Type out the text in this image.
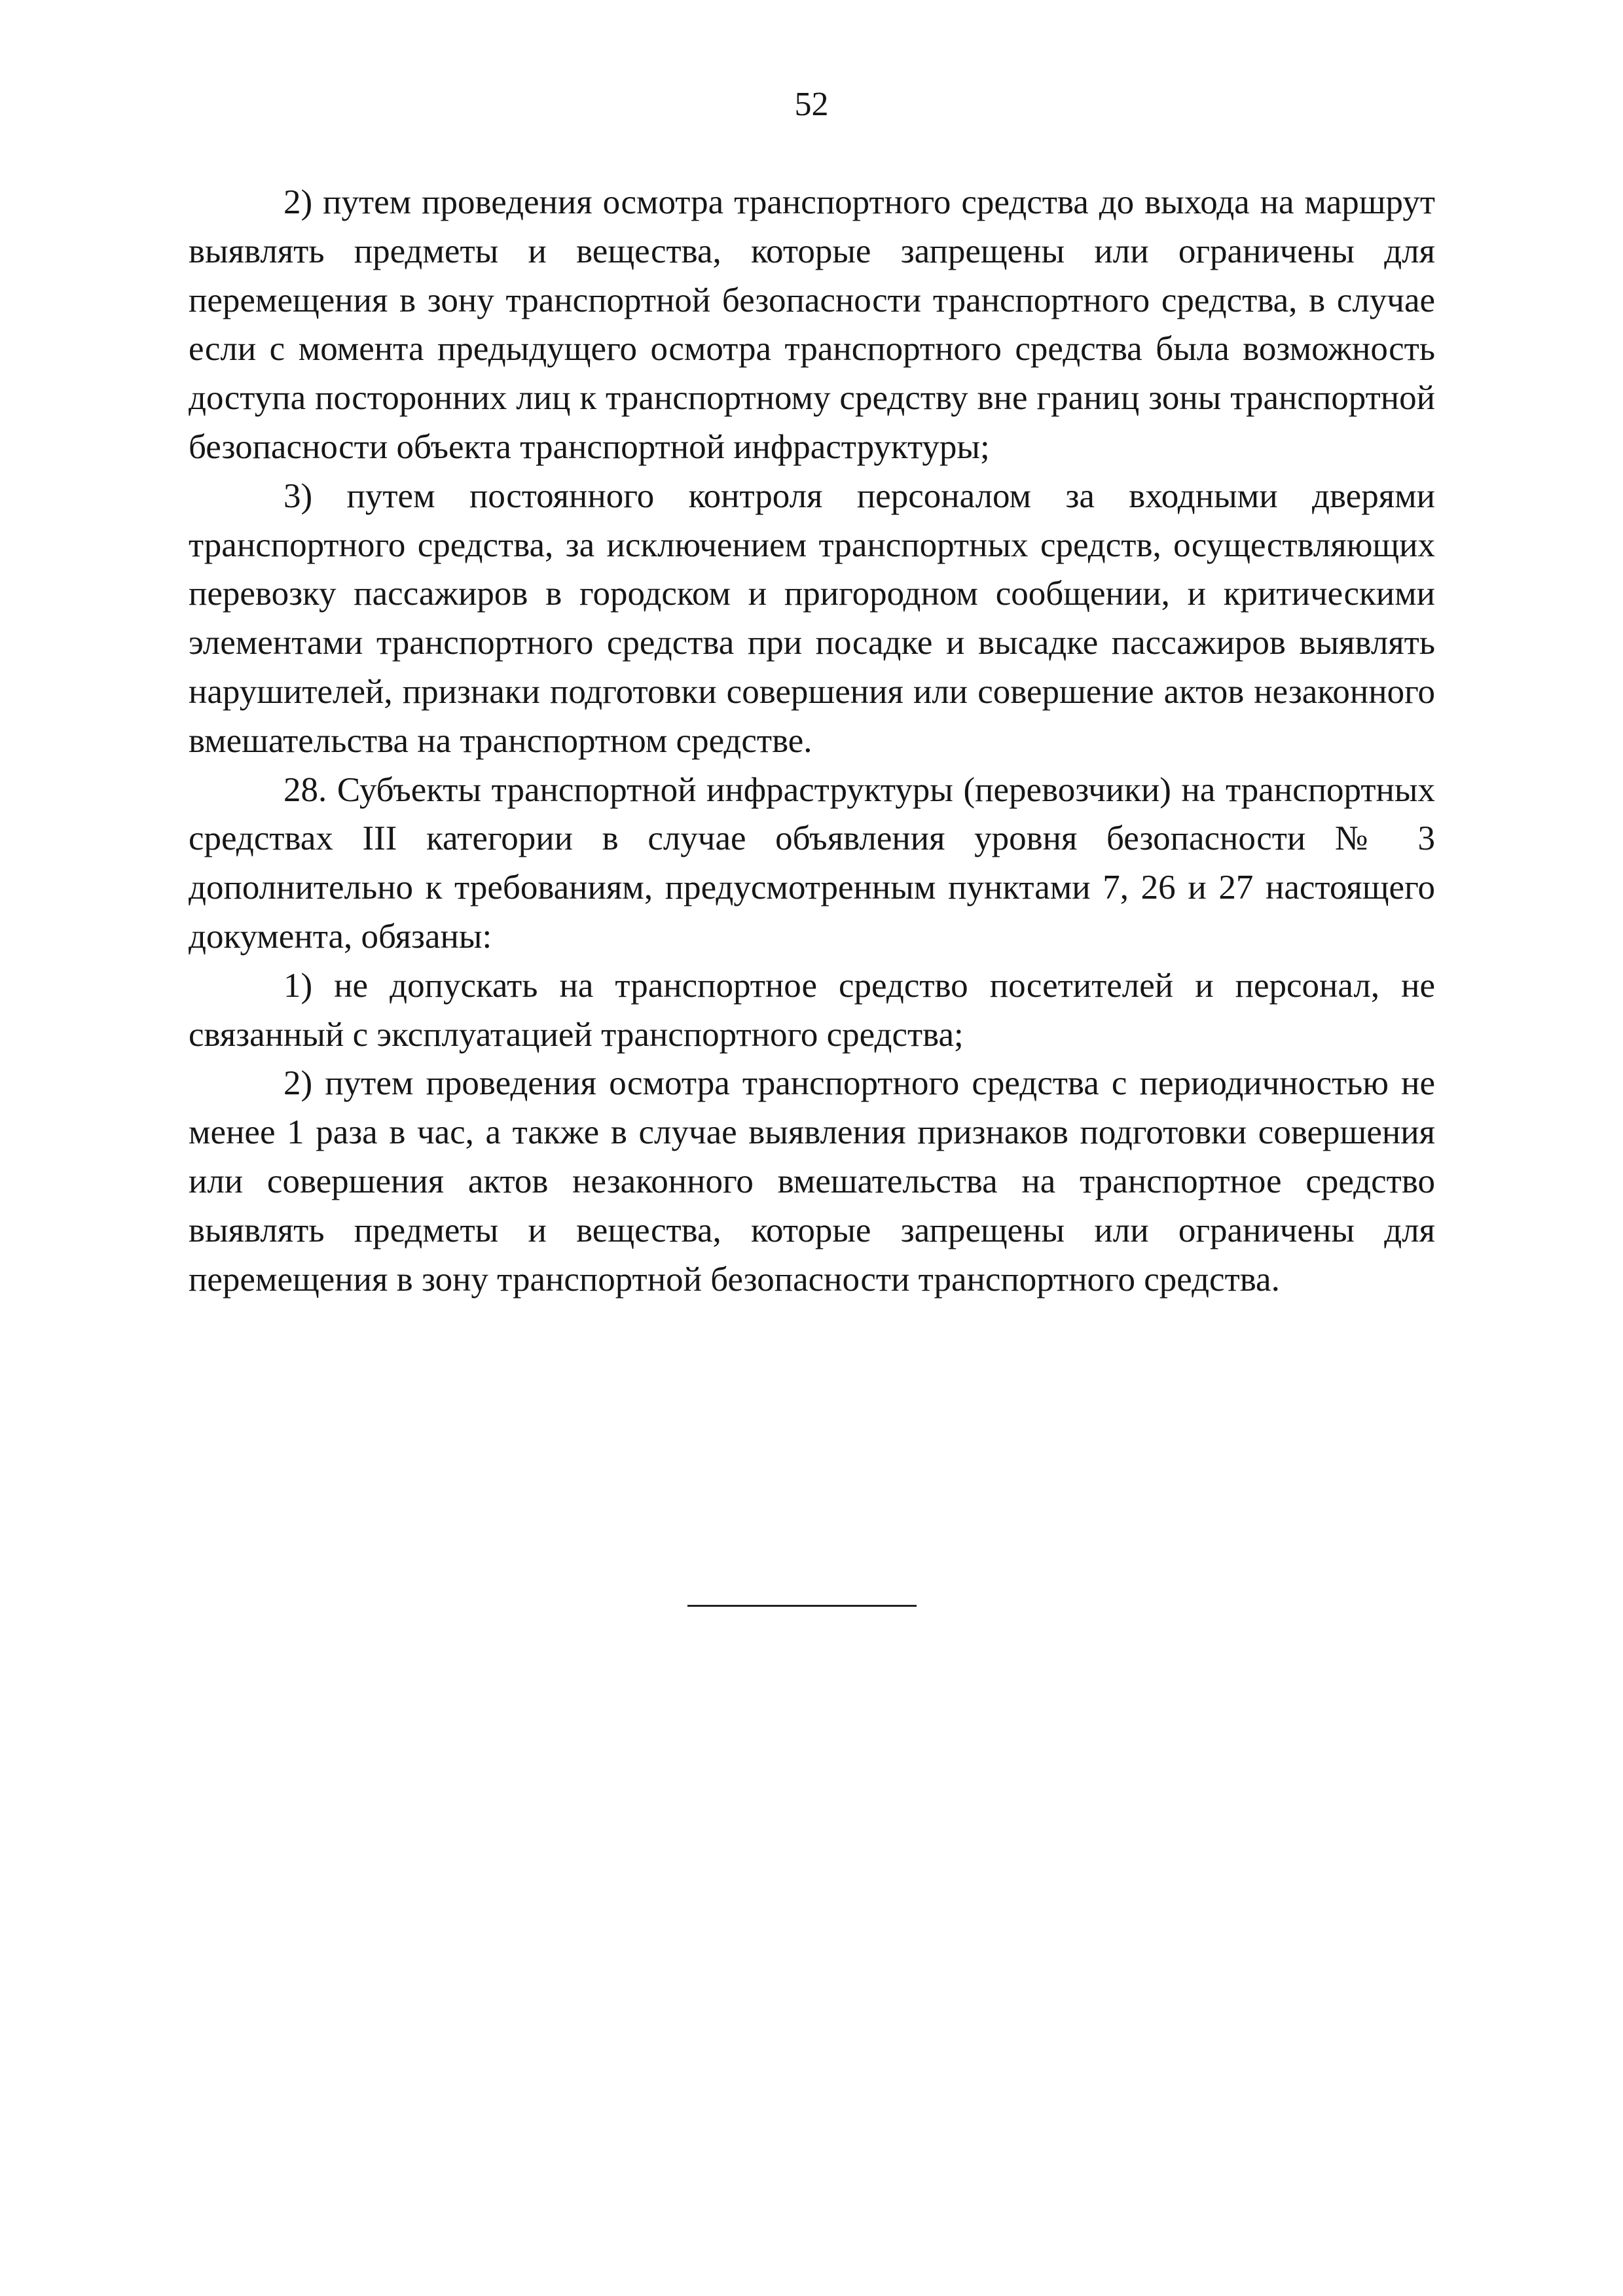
52

2) путем проведения осмотра транспортного средства до выхода на маршрут выявлять предметы и вещества, которые запрещены или ограничены для перемещения в зону транспортной безопасности транспортного средства, в случае если с момента предыдущего осмотра транспортного средства была возможность доступа посторонних лиц к транспортному средству вне границ зоны транспортной безопасности объекта транспортной инфраструктуры;

3) путем постоянного контроля персоналом за входными дверями транспортного средства, за исключением транспортных средств, осуществляющих перевозку пассажиров в городском и пригородном сообщении, и критическими элементами транспортного средства при посадке и высадке пассажиров выявлять нарушителей, признаки подготовки совершения или совершение актов незаконного вмешательства на транспортном средстве.

28. Субъекты транспортной инфраструктуры (перевозчики) на транспортных средствах III категории в случае объявления уровня безопасности № 3 дополнительно к требованиям, предусмотренным пунктами 7, 26 и 27 настоящего документа, обязаны:

1) не допускать на транспортное средство посетителей и персонал, не связанный с эксплуатацией транспортного средства;

2) путем проведения осмотра транспортного средства с периодичностью не менее 1 раза в час, а также в случае выявления признаков подготовки совершения или совершения актов незаконного вмешательства на транспортное средство выявлять предметы и вещества, которые запрещены или ограничены для перемещения в зону транспортной безопасности транспортного средства.
